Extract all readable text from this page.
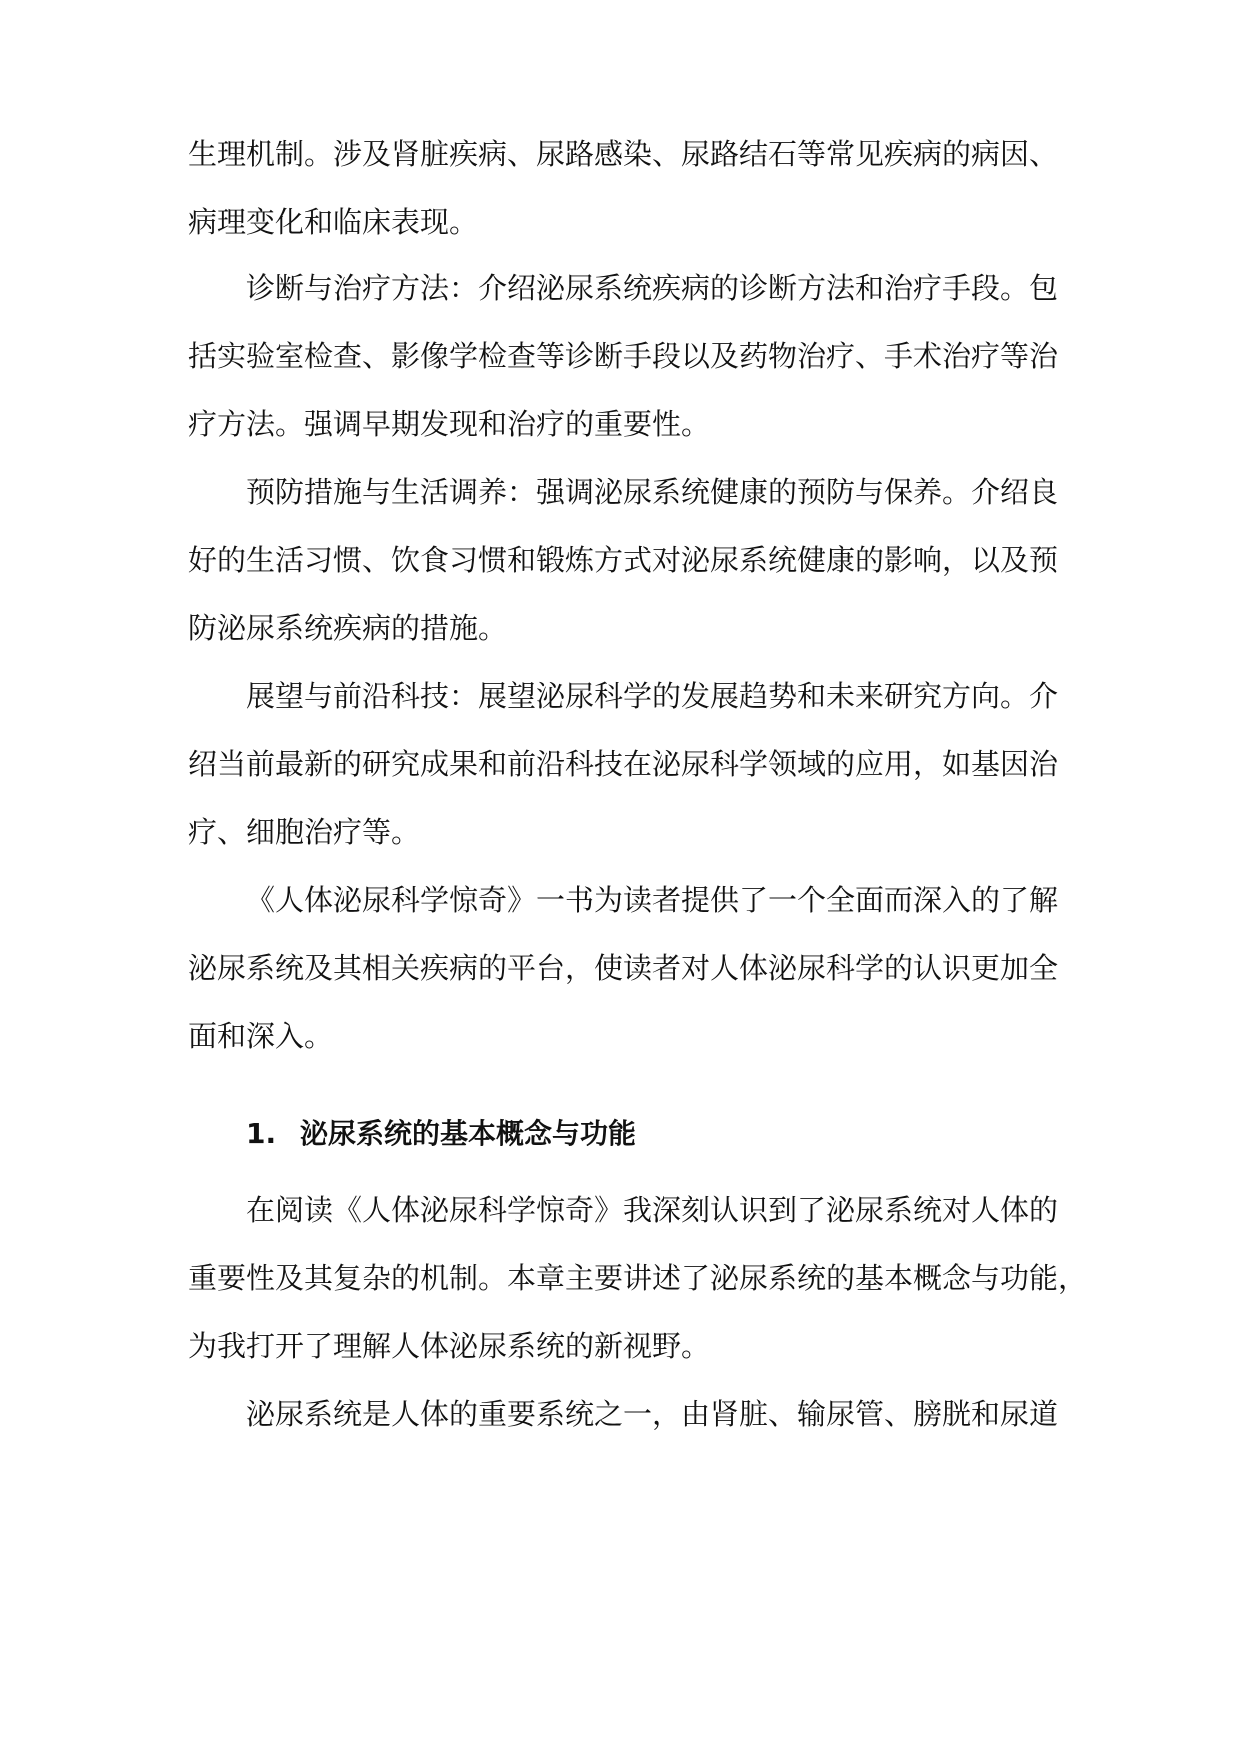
生理机制。涉及肾脏疾病、尿路感染、尿路结石等常见疾病的病因、
病理变化和临床表现。
诊断与治疗方法：介绍泌尿系统疾病的诊断方法和治疗手段。包
括实验室检查、影像学检查等诊断手段以及药物治疗、手术治疗等治
疗方法。强调早期发现和治疗的重要性。
预防措施与生活调养：强调泌尿系统健康的预防与保养。介绍良
好的生活习惯、饮食习惯和锻炼方式对泌尿系统健康的影响，以及预
防泌尿系统疾病的措施。
展望与前沿科技：展望泌尿科学的发展趋势和未来研究方向。介
绍当前最新的研究成果和前沿科技在泌尿科学领域的应用，如基因治
疗、细胞治疗等。
《人体泌尿科学惊奇》一书为读者提供了一个全面而深入的了解
泌尿系统及其相关疾病的平台，使读者对人体泌尿科学的认识更加全
面和深入。
1. 泌尿系统的基本概念与功能
在阅读《人体泌尿科学惊奇》我深刻认识到了泌尿系统对人体的
重要性及其复杂的机制。本章主要讲述了泌尿系统的基本概念与功能，
为我打开了理解人体泌尿系统的新视野。
泌尿系统是人体的重要系统之一，由肾脏、输尿管、膀胱和尿道
